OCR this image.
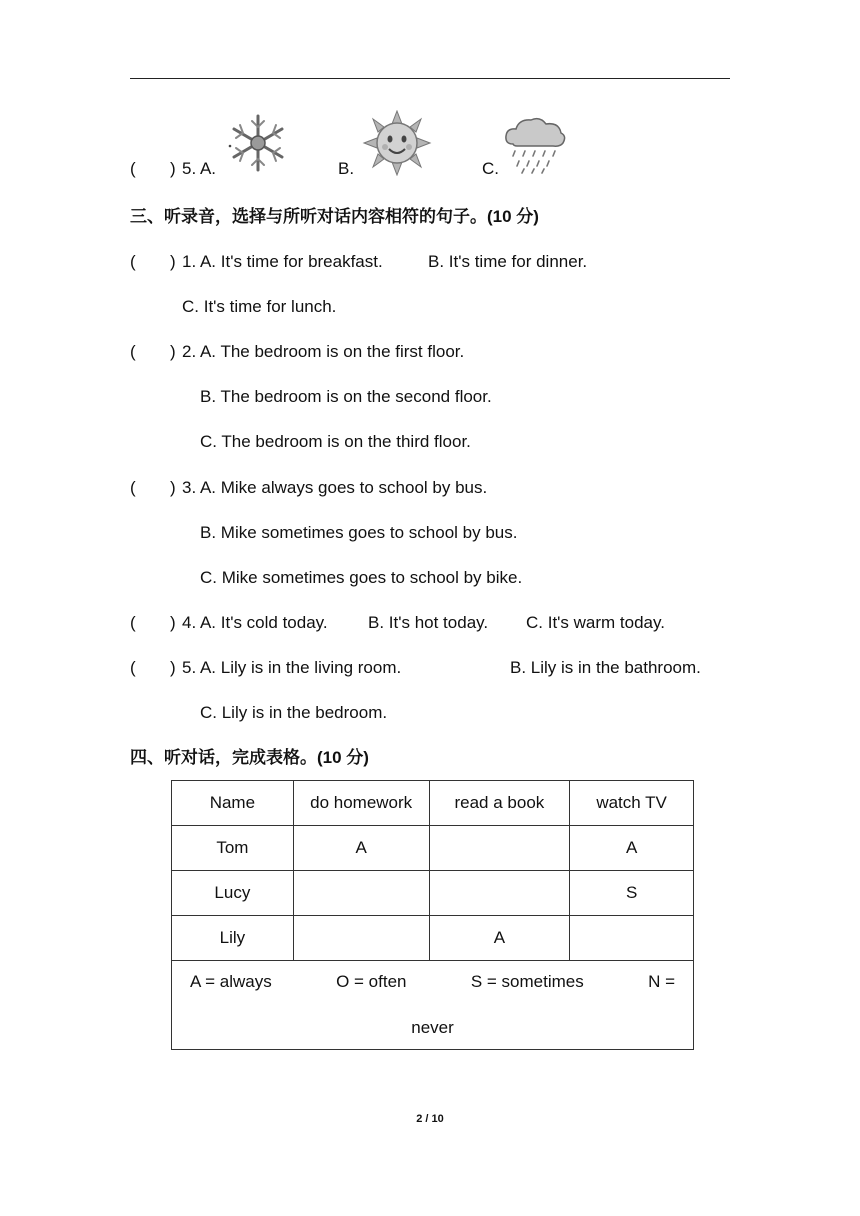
( ) 5. A.	B.	C.
三、听录音，选择与所听对话内容相符的句子。(10 分)
( ) 1. A. It's time for breakfast.	B. It's time for dinner.
C. It's time for lunch.
( ) 2. A. The bedroom is on the first floor.
B. The bedroom is on the second floor.
C. The bedroom is on the third floor.
( ) 3. A. Mike always goes to school by bus.
B. Mike sometimes goes to school by bus.
C. Mike sometimes goes to school by bike.
( ) 4. A. It's cold today. B. It's hot today. C. It's warm today.
( ) 5. A. Lily is in the living room.	B. Lily is in the bathroom.
C. Lily is in the bedroom.
四、听对话，完成表格。(10 分)
Name	do homework	read a book	watch TV
Tom	A		A
Lucy			S
Lily		A	

A = always O = often S = sometimes N =
never			
2 / 10
